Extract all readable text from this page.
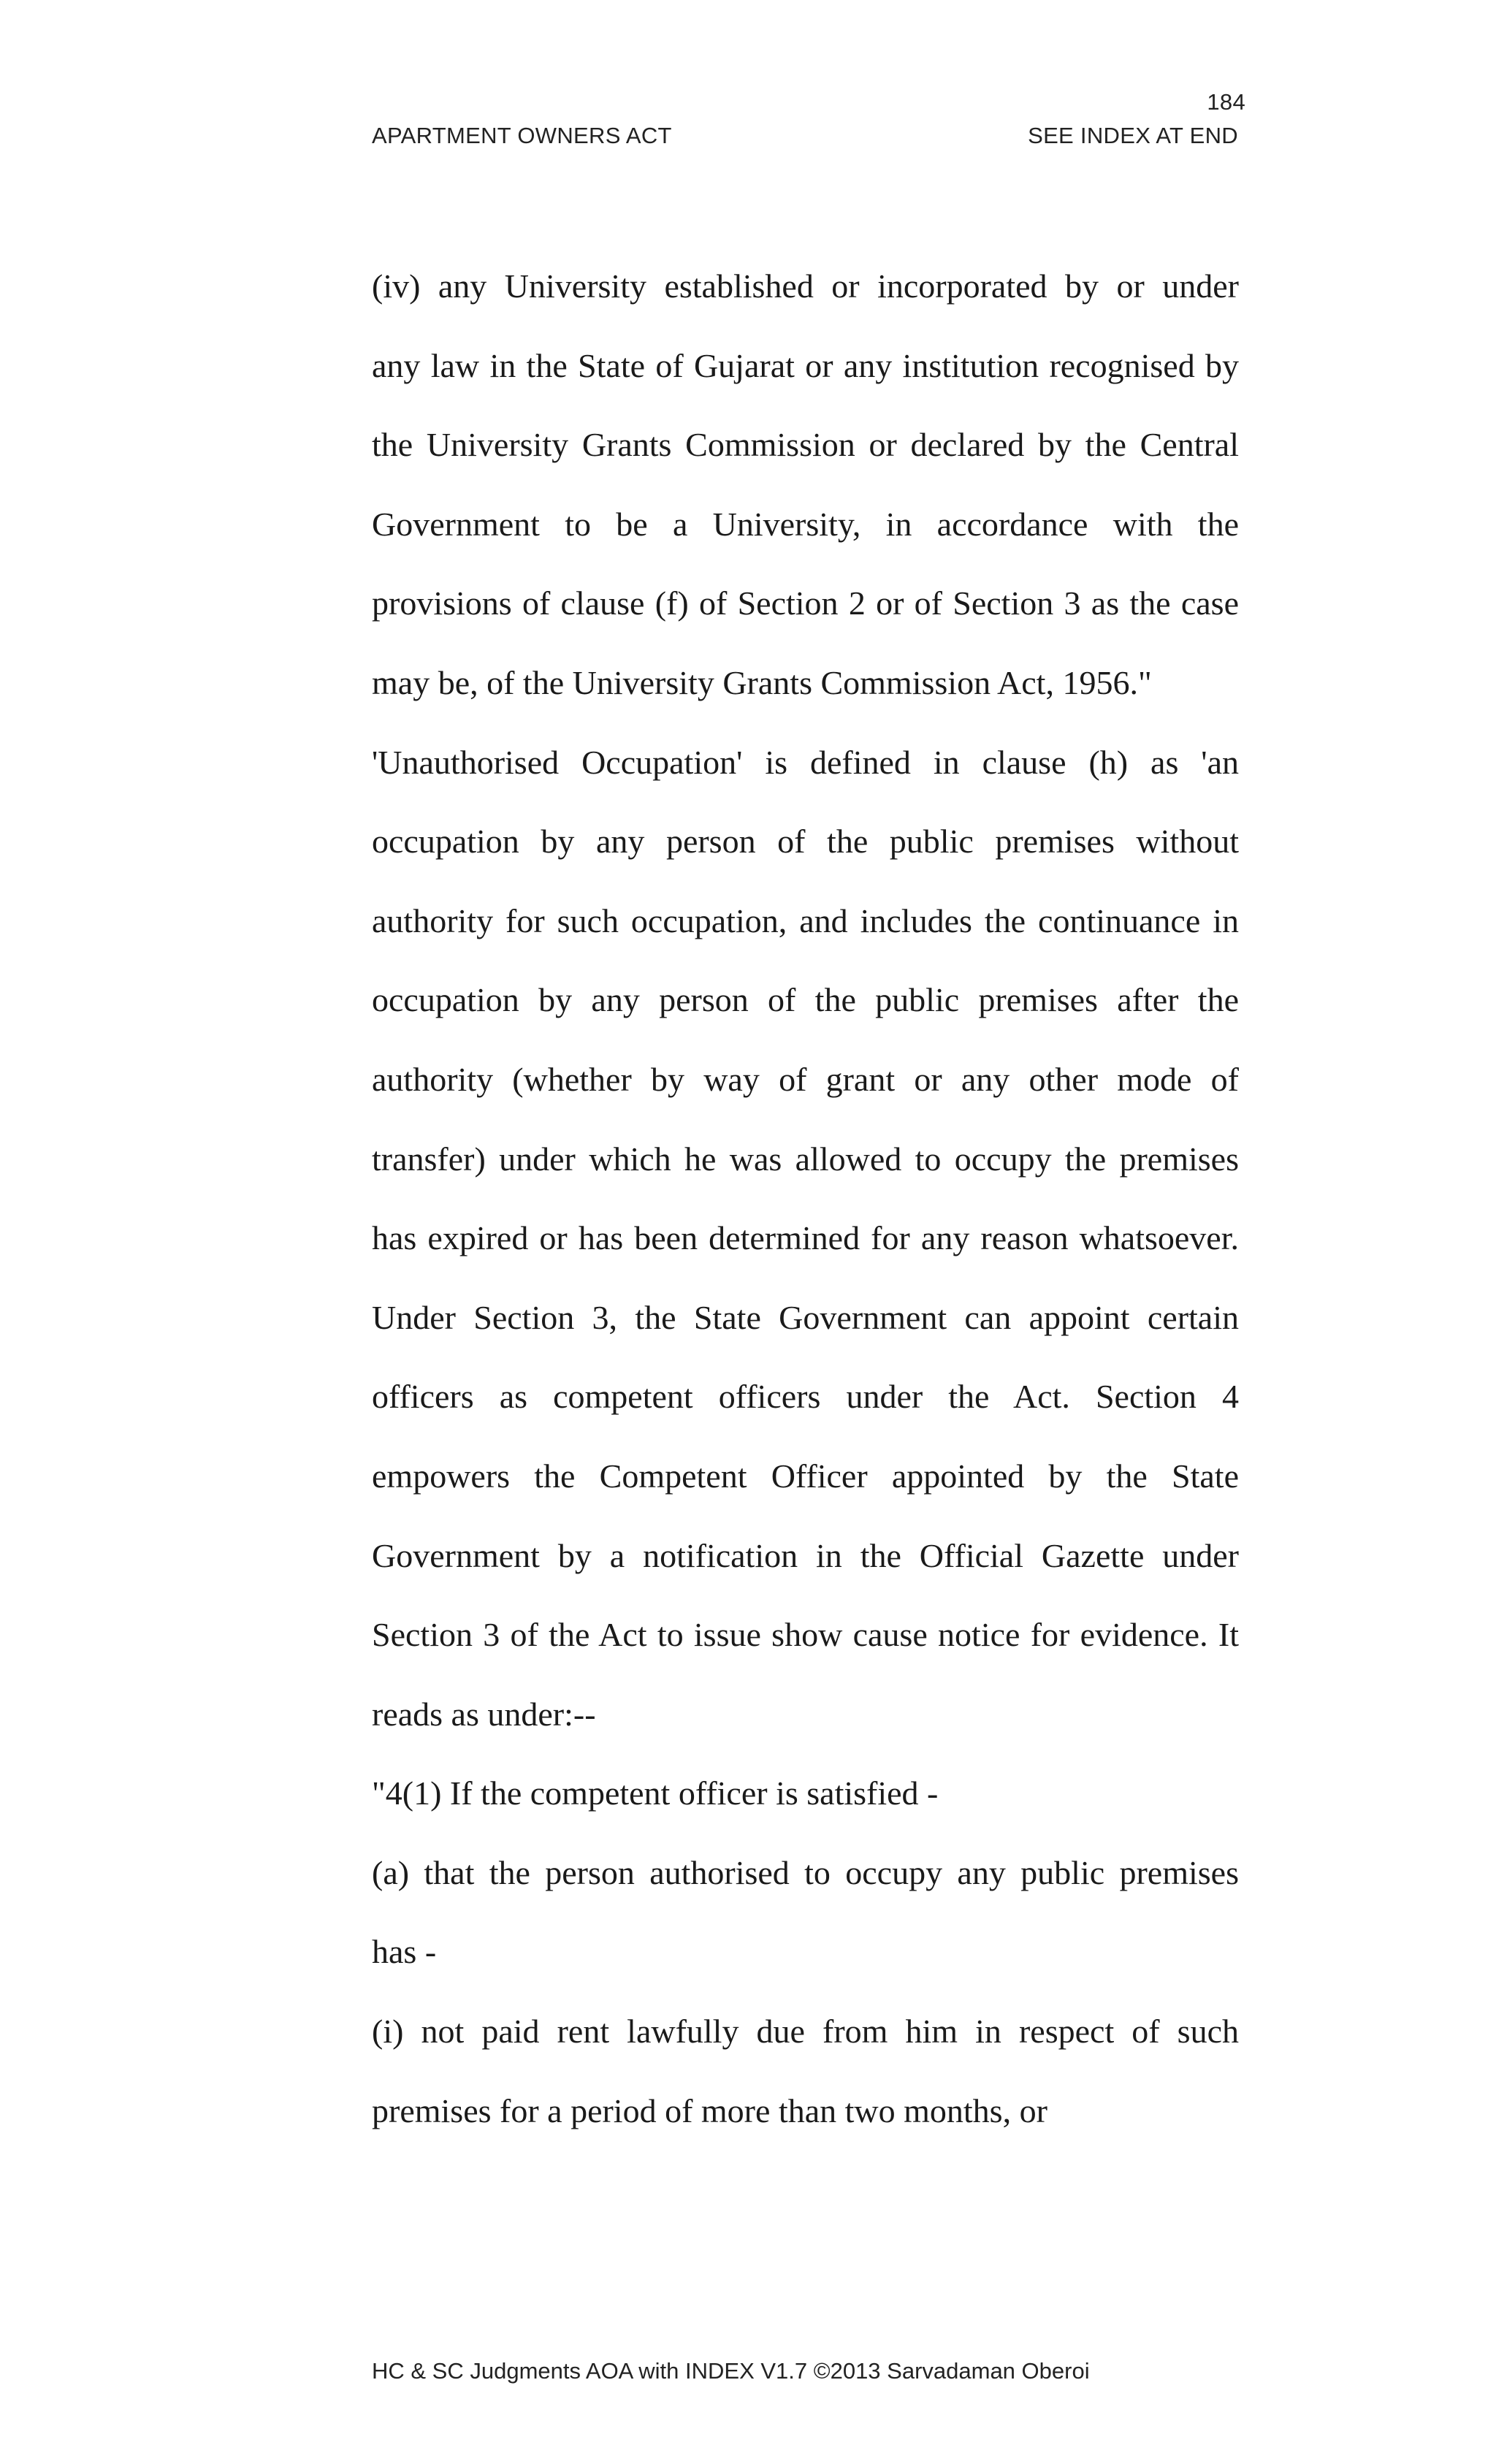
184
APARTMENT OWNERS ACT	SEE INDEX AT END
(iv) any University established or incorporated by or under
any law in the State of Gujarat or any institution recognised by
the University Grants Commission or declared by the Central
Government to be a University, in accordance with the
provisions of clause (f) of Section 2 or of Section 3 as the case
may be, of the University Grants Commission Act, 1956."
'Unauthorised Occupation' is defined in clause (h) as 'an
occupation by any person of the public premises without
authority for such occupation, and includes the continuance in
occupation by any person of the public premises after the
authority (whether by way of grant or any other mode of
transfer) under which he was allowed to occupy the premises
has expired or has been determined for any reason whatsoever.
Under Section 3, the State Government can appoint certain
officers as competent officers under the Act. Section 4
empowers the Competent Officer appointed by the State
Government by a notification in the Official Gazette under
Section 3 of the Act to issue show cause notice for evidence. It
reads as under:--
"4(1) If the competent officer is satisfied -
(a) that the person authorised to occupy any public premises
has -
(i) not paid rent lawfully due from him in respect of such
premises for a period of more than two months, or
HC & SC Judgments AOA with INDEX V1.7 ©2013 Sarvadaman Oberoi
